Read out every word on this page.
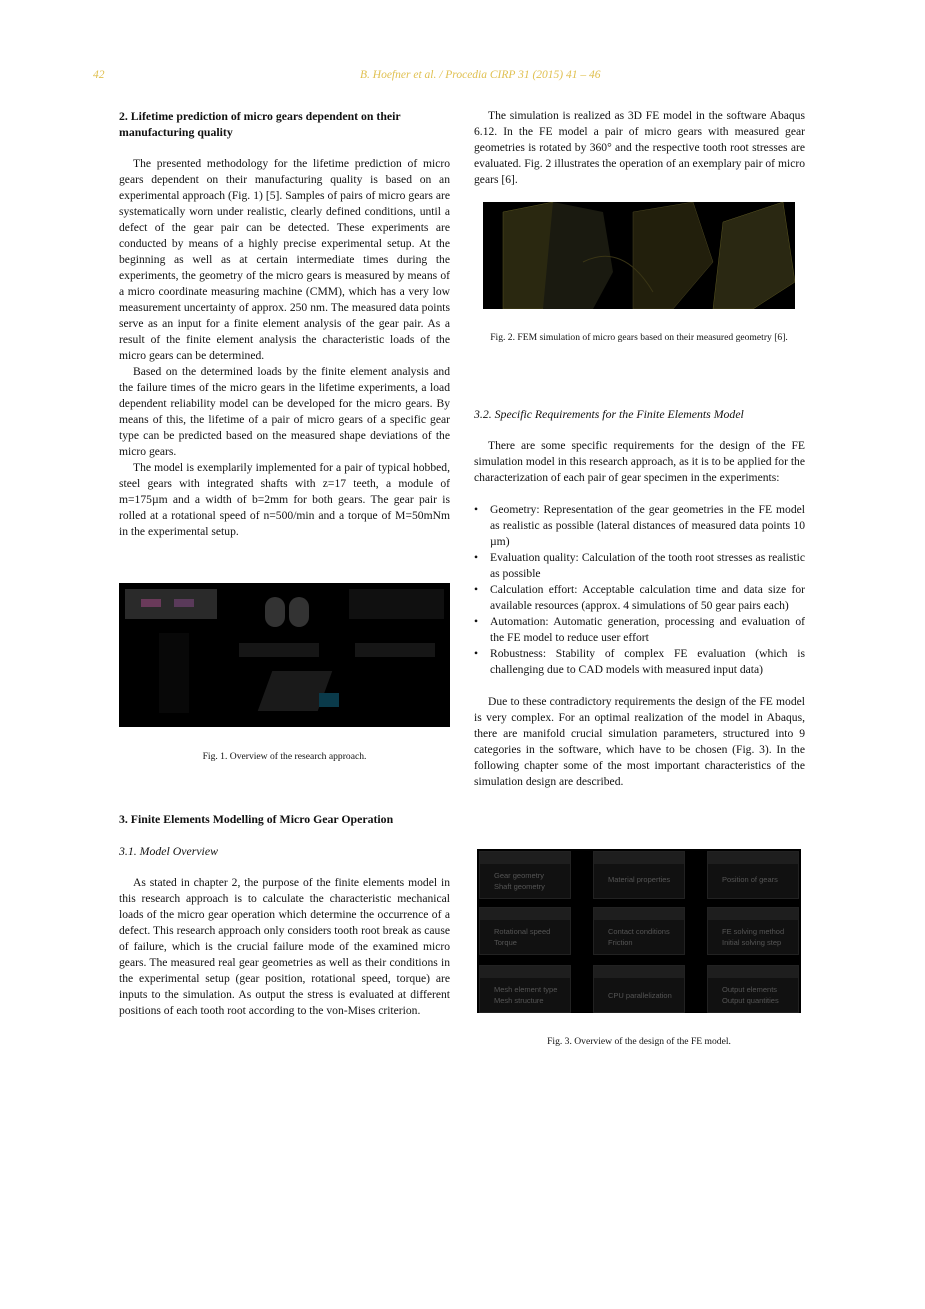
42	B. Hoefner et al. / Procedia CIRP 31 (2015) 41 – 46
2. Lifetime prediction of micro gears dependent on their manufacturing quality

The presented methodology for the lifetime prediction of micro gears dependent on their manufacturing quality is based on an experimental approach (Fig. 1) [5]. Samples of pairs of micro gears are systematically worn under realistic, clearly defined conditions, until a defect of the gear pair can be detected. These experiments are conducted by means of a highly precise experimental setup. At the beginning as well as at certain intermediate times during the experiments, the geometry of the micro gears is measured by means of a micro coordinate measuring machine (CMM), which has a very low measurement uncertainty of approx. 250 nm. The measured data points serve as an input for a finite element analysis of the gear pair. As a result of the finite element analysis the characteristic loads of the micro gears can be determined.

Based on the determined loads by the finite element analysis and the failure times of the micro gears in the lifetime experiments, a load dependent reliability model can be developed for the micro gears. By means of this, the lifetime of a pair of micro gears of a specific gear type can be predicted based on the measured shape deviations of the micro gears.

The model is exemplarily implemented for a pair of typical hobbed, steel gears with integrated shafts with z=17 teeth, a module of m=175µm and a width of b=2mm for both gears. The gear pair is rolled at a rotational speed of n=500/min and a torque of M=50mNm in the experimental setup.

Fig. 1. Overview of the research approach.
3. Finite Elements Modelling of Micro Gear Operation
3.1. Model Overview

As stated in chapter 2, the purpose of the finite elements model in this research approach is to calculate the characteristic mechanical loads of the micro gear operation which determine the occurrence of a defect. This research approach only considers tooth root break as cause of failure, which is the crucial failure mode of the examined micro gears. The measured real gear geometries as well as their conditions in the experimental setup (gear position, rotational speed, torque) are inputs to the simulation. As output the stress is evaluated at different positions of each tooth root according to the von-Mises criterion.

The simulation is realized as 3D FE model in the software Abaqus 6.12. In the FE model a pair of micro gears with measured gear geometries is rotated by 360° and the respective tooth root stresses are evaluated. Fig. 2 illustrates the operation of an exemplary pair of micro gears [6].

Fig. 2. FEM simulation of micro gears based on their measured geometry [6].
3.2. Specific Requirements for the Finite Elements Model

There are some specific requirements for the design of the FE simulation model in this research approach, as it is to be applied for the characterization of each pair of gear specimen in the experiments:

• Geometry: Representation of the gear geometries in the FE model as realistic as possible (lateral distances of measured data points 10 µm)
• Evaluation quality: Calculation of the tooth root stresses as realistic as possible
• Calculation effort: Acceptable calculation time and data size for available resources (approx. 4 simulations of 50 gear pairs each)
• Automation: Automatic generation, processing and evaluation of the FE model to reduce user effort
• Robustness: Stability of complex FE evaluation (which is challenging due to CAD models with measured input data)

Due to these contradictory requirements the design of the FE model is very complex. For an optimal realization of the model in Abaqus, there are manifold crucial simulation parameters, structured into 9 categories in the software, which have to be chosen (Fig. 3). In the following chapter some of the most important characteristics of the simulation design are described.

Gear geometry
Shaft geometry
Material properties	Position of gears
Rotational speed
Torque
Contact conditions
Friction
FE solving method
Initial solving step
Mesh element type
Mesh structure
CPU parallelization
Output elements
Output quantities
Fig. 3. Overview of the design of the FE model.
